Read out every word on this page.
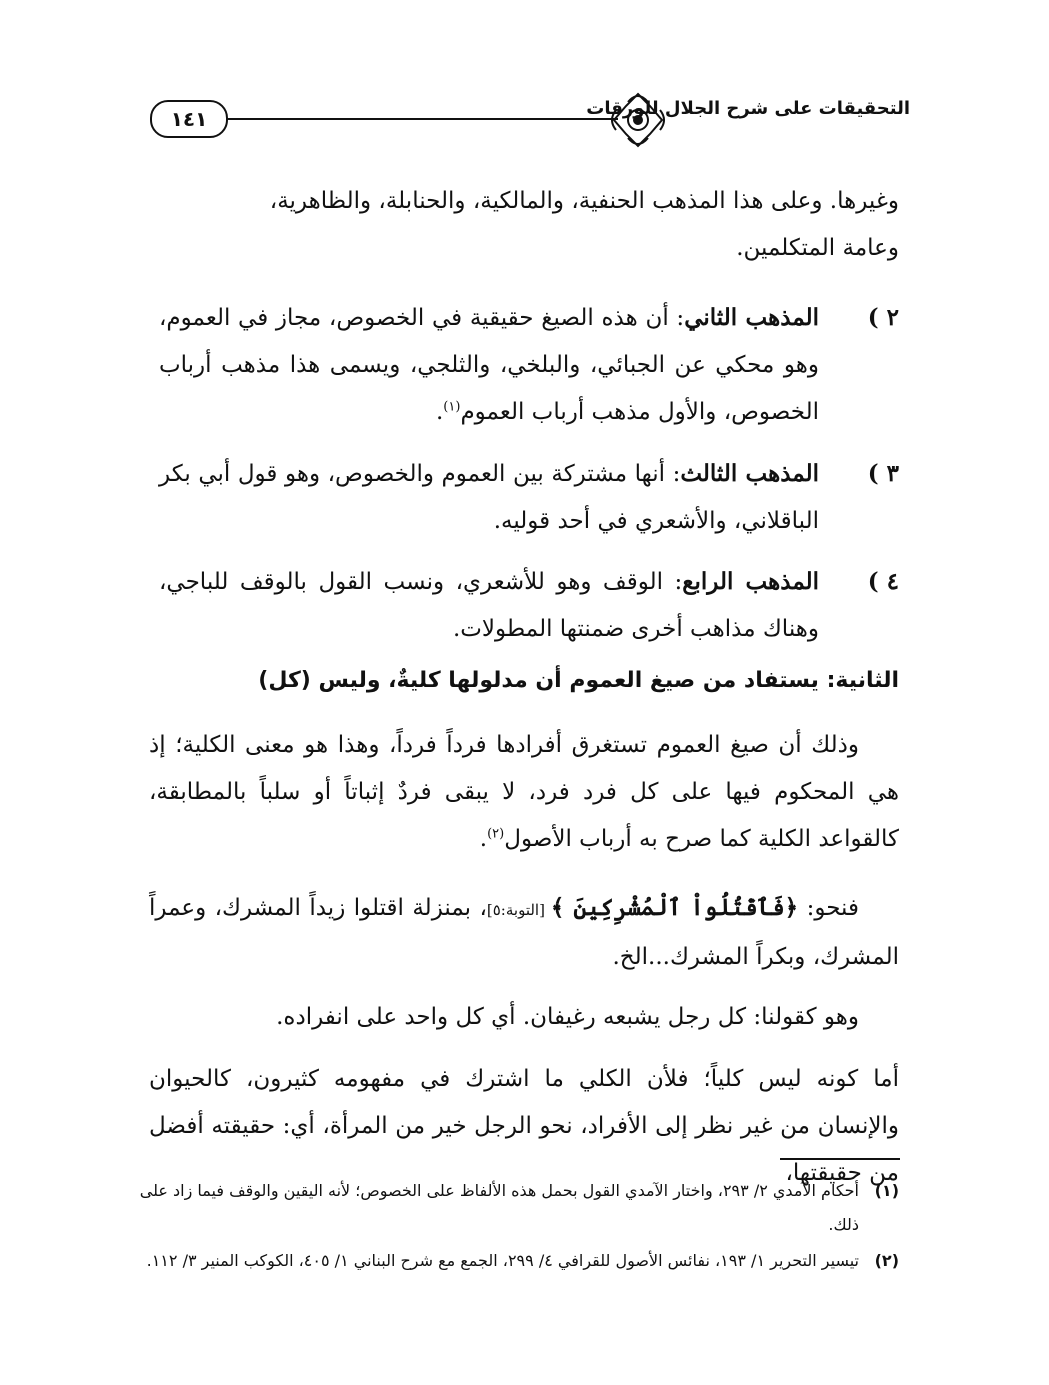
١٤١	التحقيقات على شرح الجلال للورقات
وغيرها. وعلى هذا المذهب الحنفية، والمالكية، والحنابلة، والظاهرية،
وعامة المتكلمين.
٢ )
المذهب الثاني: أن هذه الصيغ حقيقية في الخصوص، مجاز في العموم، وهو محكي عن الجبائي، والبلخي، والثلجي، ويسمى هذا مذهب أرباب الخصوص، والأول مذهب أرباب العموم$^{(١)}$.
٣ )
المذهب الثالث: أنها مشتركة بين العموم والخصوص، وهو قول أبي بكر الباقلاني، والأشعري في أحد قوليه.
٤ )
المذهب الرابع: الوقف وهو للأشعري، ونسب القول بالوقف للباجي، وهناك مذاهب أخرى ضمنتها المطولات.
الثانية: يستفاد من صيغ العموم أن مدلولها كليةٌ، وليس (كل)
وذلك أن صيغ العموم تستغرق أفرادها فرداً فرداً، وهذا هو معنى الكلية؛ إذ هي المحكوم فيها على كل فرد فرد، لا يبقى فردٌ إثباتاً أو سلباً بالمطابقة، كالقواعد الكلية كما صرح به أرباب الأصول$^{(٢)}$.
فنحو: ﴿فَٱقْتُلُواْ ٱلْمُشْرِكِينَ ﴾ [التوبة:٥]، بمنزلة اقتلوا زيداً المشرك، وعمراً المشرك، وبكراً المشرك...الخ.
وهو كقولنا: كل رجل يشبعه رغيفان. أي كل واحد على انفراده.
أما كونه ليس كلياً؛ فلأن الكلي ما اشترك في مفهومه كثيرون، كالحيوان والإنسان من غير نظر إلى الأفراد، نحو الرجل خير من المرأة، أي: حقيقته أفضل من حقيقتها،
(١)
أحكام الآمدي ٢/ ٢٩٣، واختار الآمدي القول بحمل هذه الألفاظ على الخصوص؛ لأنه اليقين والوقف فيما زاد على ذلك.
(٢)
تيسير التحرير ١/ ١٩٣، نفائس الأصول للقرافي ٤/ ٢٩٩، الجمع مع شرح البناني ١/ ٤٠٥، الكوكب المنير ٣/ ١١٢.
